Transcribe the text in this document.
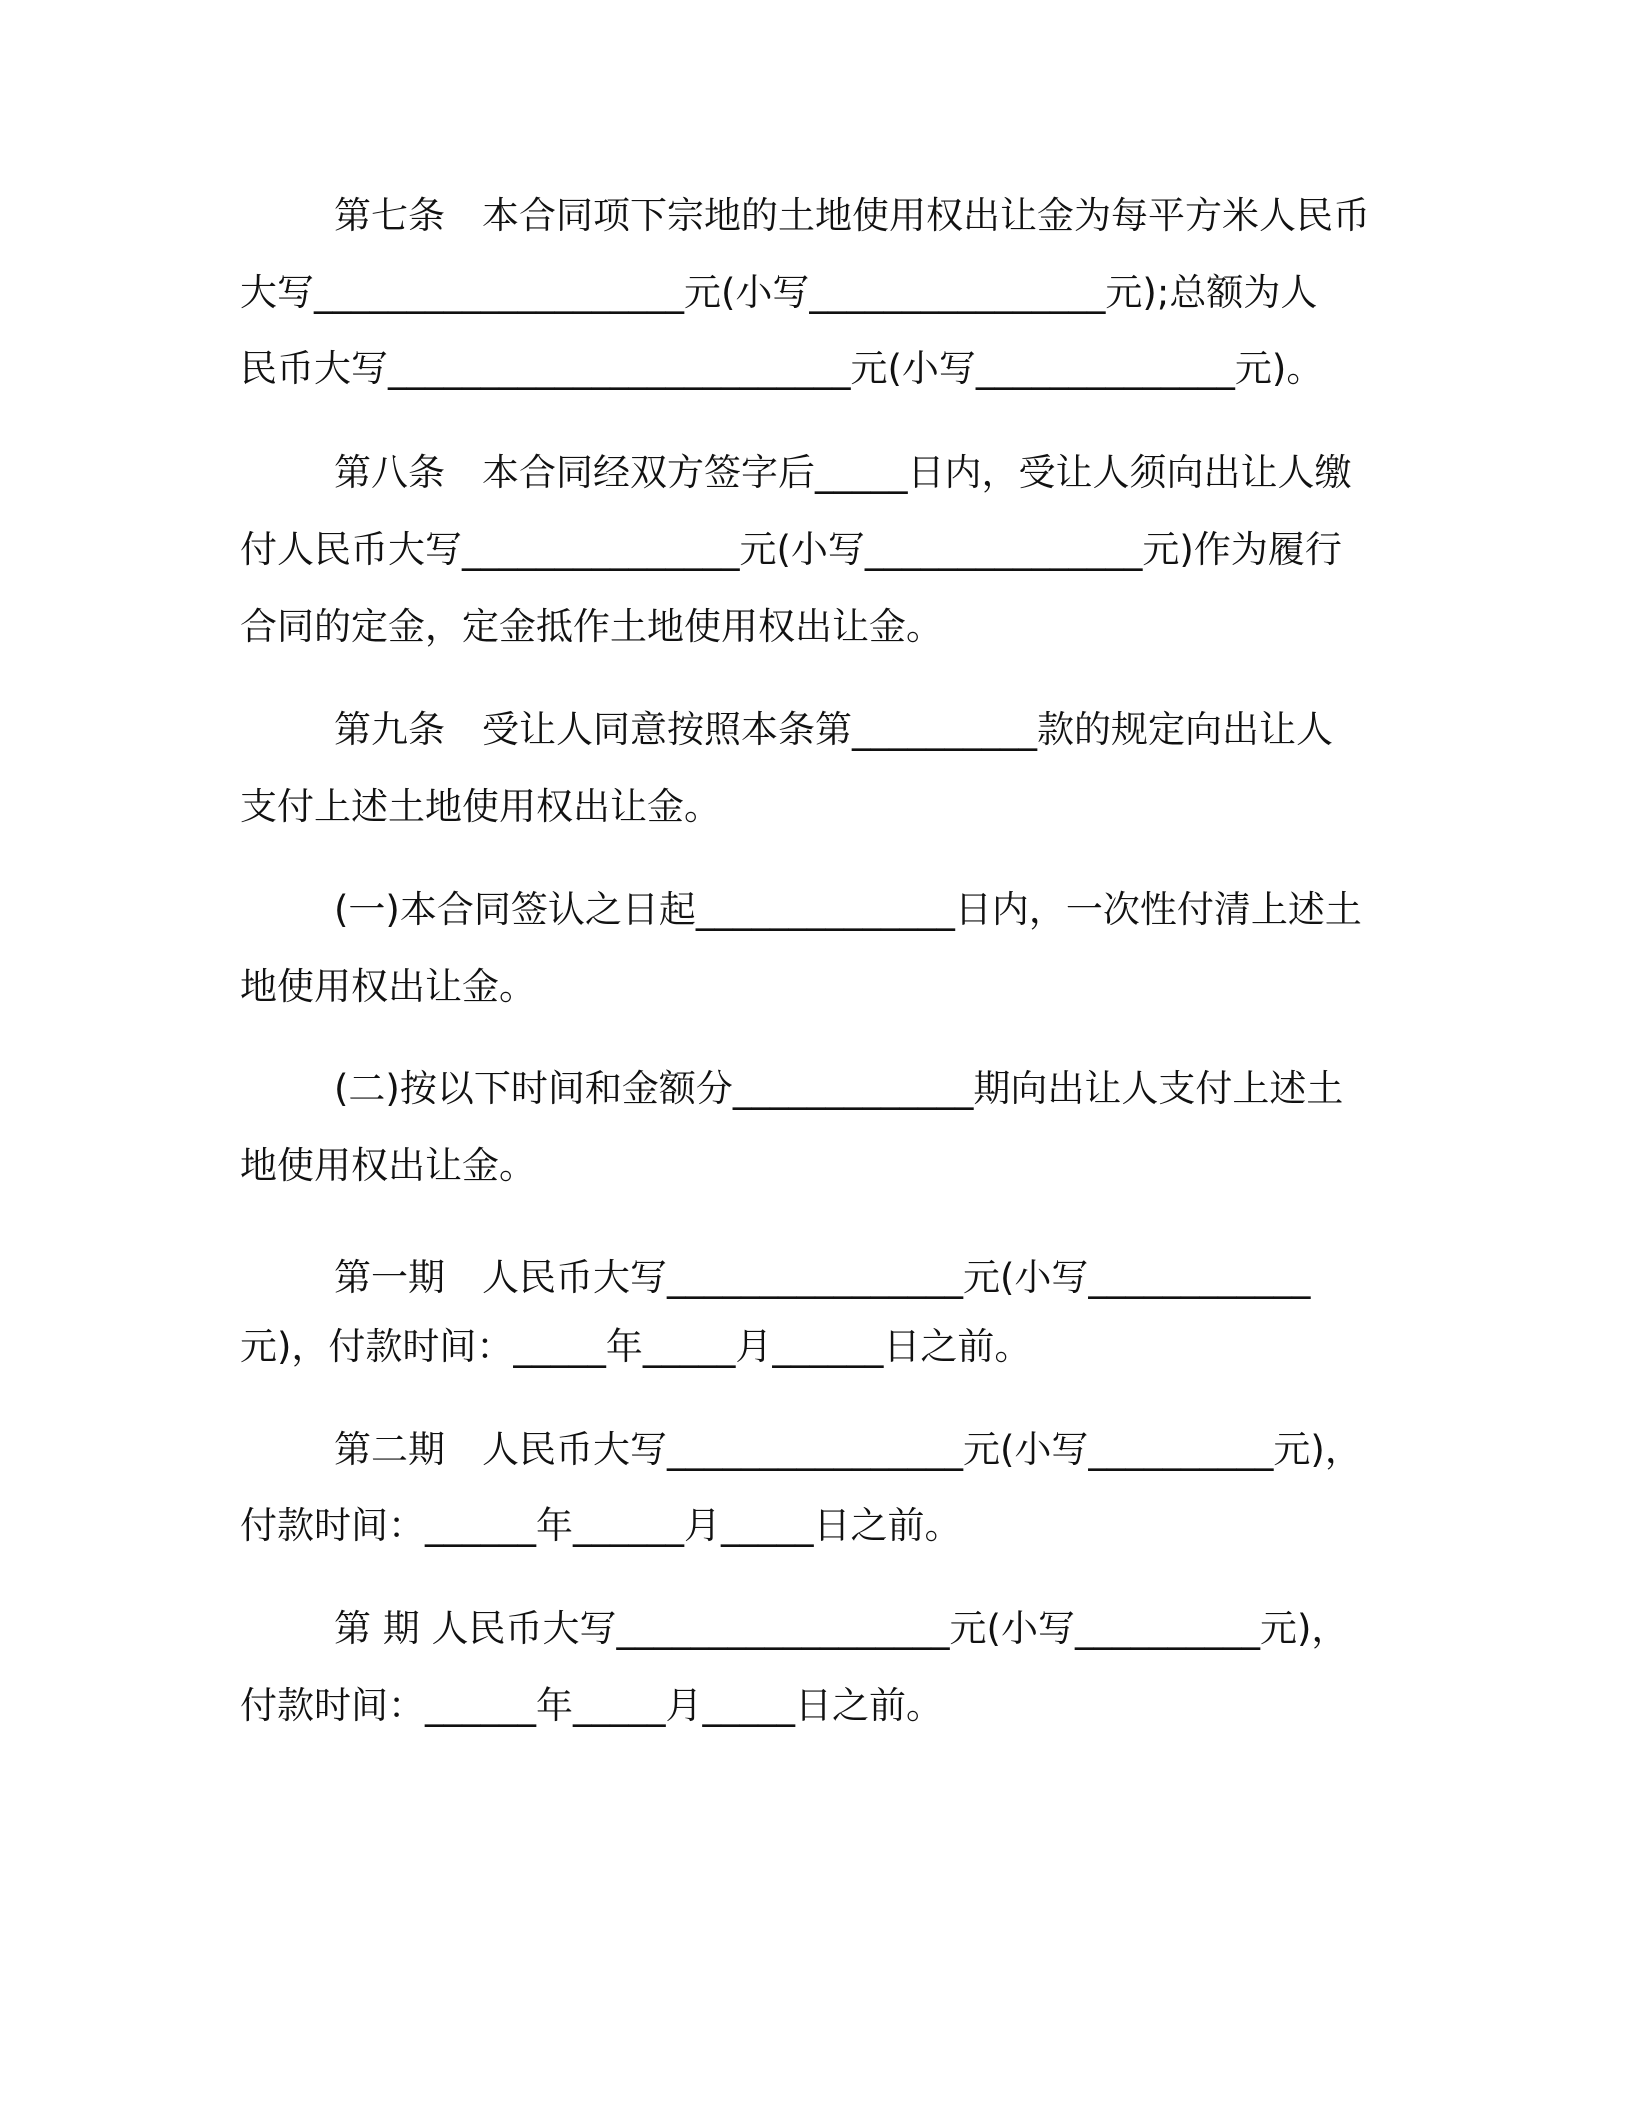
第七条　本合同项下宗地的土地使用权出让金为每平方米人民币
大写____________________元(小写________________元);总额为人
民币大写_________________________元(小写______________元)。
第八条　本合同经双方签字后_____日内，受让人须向出让人缴
付人民币大写_______________元(小写_______________元)作为履行
合同的定金，定金抵作土地使用权出让金。
第九条　受让人同意按照本条第__________款的规定向出让人
支付上述土地使用权出让金。
(一)本合同签认之日起______________日内，一次性付清上述土
地使用权出让金。
(二)按以下时间和金额分_____________期向出让人支付上述土
地使用权出让金。
第一期　人民币大写________________元(小写____________
元)，付款时间：_____年_____月______日之前。
第二期　人民币大写________________元(小写__________元)，
付款时间：______年______月_____日之前。
第 期 人民币大写__________________元(小写__________元)，
付款时间：______年_____月_____日之前。
